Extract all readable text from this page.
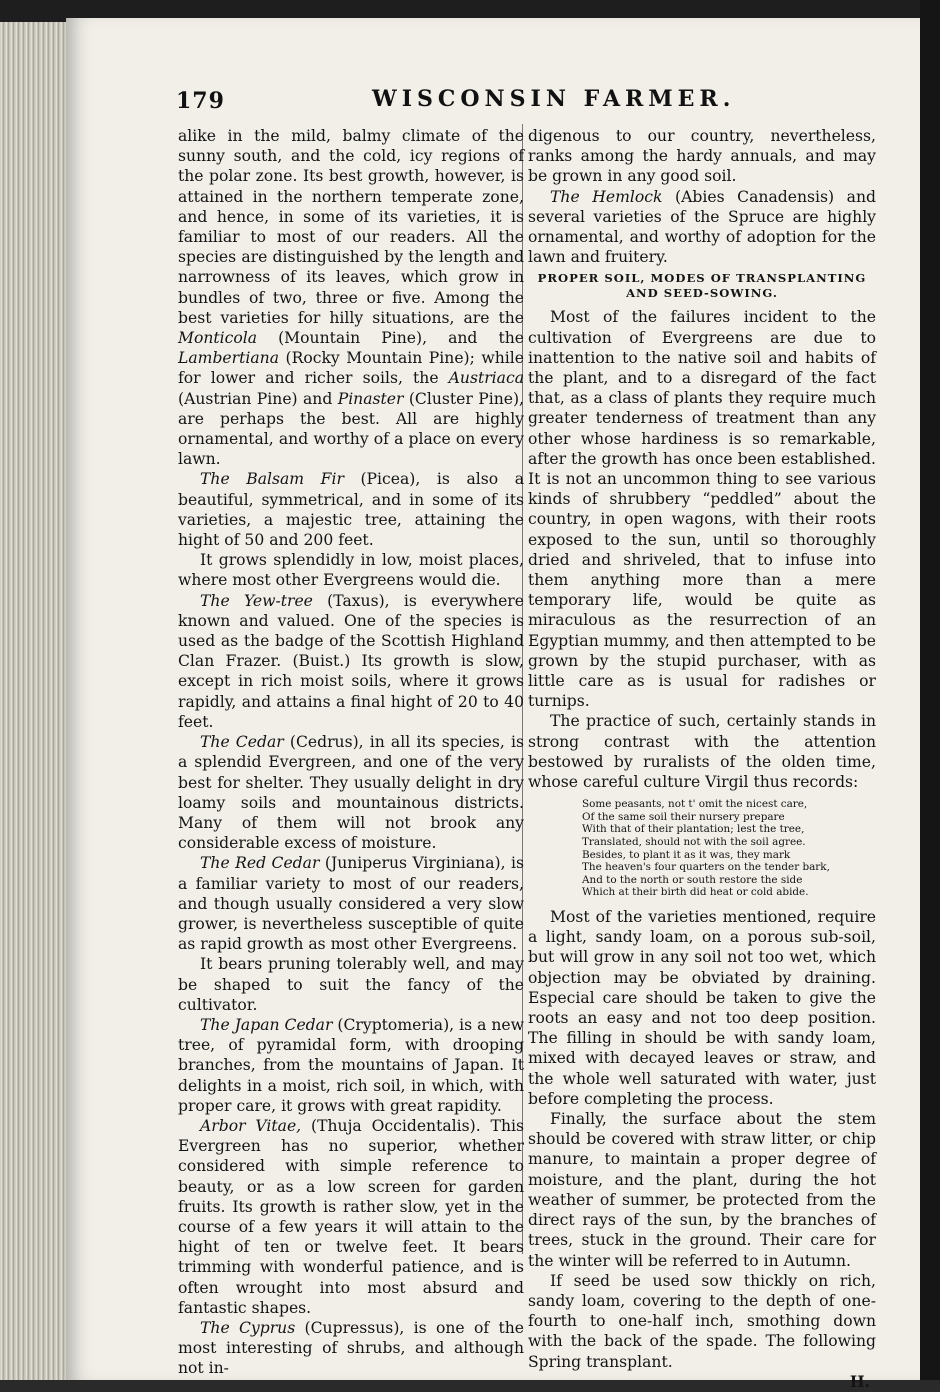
179	WISCONSIN FARMER.

alike in the mild, balmy climate of the sunny south, and the cold, icy regions of the polar zone. Its best growth, however, is attained in the northern temperate zone, and hence, in some of its varieties, it is familiar to most of our readers. All the species are distinguished by the length and narrowness of its leaves, which grow in bundles of two, three or five. Among the best varieties for hilly situations, are the Monticola (Mountain Pine), and the Lambertiana (Rocky Mountain Pine); while for lower and richer soils, the Austriaca (Austrian Pine) and Pinaster (Cluster Pine), are perhaps the best. All are highly ornamental, and worthy of a place on every lawn.

The Balsam Fir (Picea), is also a beautiful, symmetrical, and in some of its varieties, a majestic tree, attaining the hight of 50 and 200 feet.

It grows splendidly in low, moist places, where most other Evergreens would die.

The Yew-tree (Taxus), is everywhere known and valued. One of the species is used as the badge of the Scottish Highland Clan Frazer. (Buist.) Its growth is slow, except in rich moist soils, where it grows rapidly, and attains a final hight of 20 to 40 feet.

The Cedar (Cedrus), in all its species, is a splendid Evergreen, and one of the very best for shelter. They usually delight in dry loamy soils and mountainous districts. Many of them will not brook any considerable excess of moisture.

The Red Cedar (Juniperus Virginiana), is a familiar variety to most of our readers, and though usually considered a very slow grower, is nevertheless susceptible of quite as rapid growth as most other Evergreens.

It bears pruning tolerably well, and may be shaped to suit the fancy of the cultivator.

The Japan Cedar (Cryptomeria), is a new tree, of pyramidal form, with drooping branches, from the mountains of Japan. It delights in a moist, rich soil, in which, with proper care, it grows with great rapidity.

Arbor Vitae, (Thuja Occidentalis). This Evergreen has no superior, whether considered with simple reference to beauty, or as a low screen for garden fruits. Its growth is rather slow, yet in the course of a few years it will attain to the hight of ten or twelve feet. It bears trimming with wonderful patience, and is often wrought into most absurd and fantastic shapes.

The Cyprus (Cupressus), is one of the most interesting of shrubs, and although not in-

digenous to our country, nevertheless, ranks among the hardy annuals, and may be grown in any good soil.

The Hemlock (Abies Canadensis) and several varieties of the Spruce are highly ornamental, and worthy of adoption for the lawn and fruitery.

PROPER SOIL, MODES OF TRANSPLANTING AND SEED-SOWING.

Most of the failures incident to the cultivation of Evergreens are due to inattention to the native soil and habits of the plant, and to a disregard of the fact that, as a class of plants they require much greater tenderness of treatment than any other whose hardiness is so remarkable, after the growth has once been established. It is not an uncommon thing to see various kinds of shrubbery “peddled” about the country, in open wagons, with their roots exposed to the sun, until so thoroughly dried and shriveled, that to infuse into them anything more than a mere temporary life, would be quite as miraculous as the resurrection of an Egyptian mummy, and then attempted to be grown by the stupid purchaser, with as little care as is usual for radishes or turnips.

The practice of such, certainly stands in strong contrast with the attention bestowed by ruralists of the olden time, whose careful culture Virgil thus records:

Some peasants, not t' omit the nicest care,
Of the same soil their nursery prepare
With that of their plantation; lest the tree,
Translated, should not with the soil agree.
Besides, to plant it as it was, they mark
The heaven's four quarters on the tender bark,
And to the north or south restore the side
Which at their birth did heat or cold abide.

Most of the varieties mentioned, require a light, sandy loam, on a porous sub-soil, but will grow in any soil not too wet, which objection may be obviated by draining. Especial care should be taken to give the roots an easy and not too deep position. The filling in should be with sandy loam, mixed with decayed leaves or straw, and the whole well saturated with water, just before completing the process.

Finally, the surface about the stem should be covered with straw litter, or chip manure, to maintain a proper degree of moisture, and the plant, during the hot weather of summer, be protected from the direct rays of the sun, by the branches of trees, stuck in the ground. Their care for the winter will be referred to in Autumn.

If seed be used sow thickly on rich, sandy loam, covering to the depth of one-fourth to one-half inch, smothing down with the back of the spade. The following Spring transplant.

H.
